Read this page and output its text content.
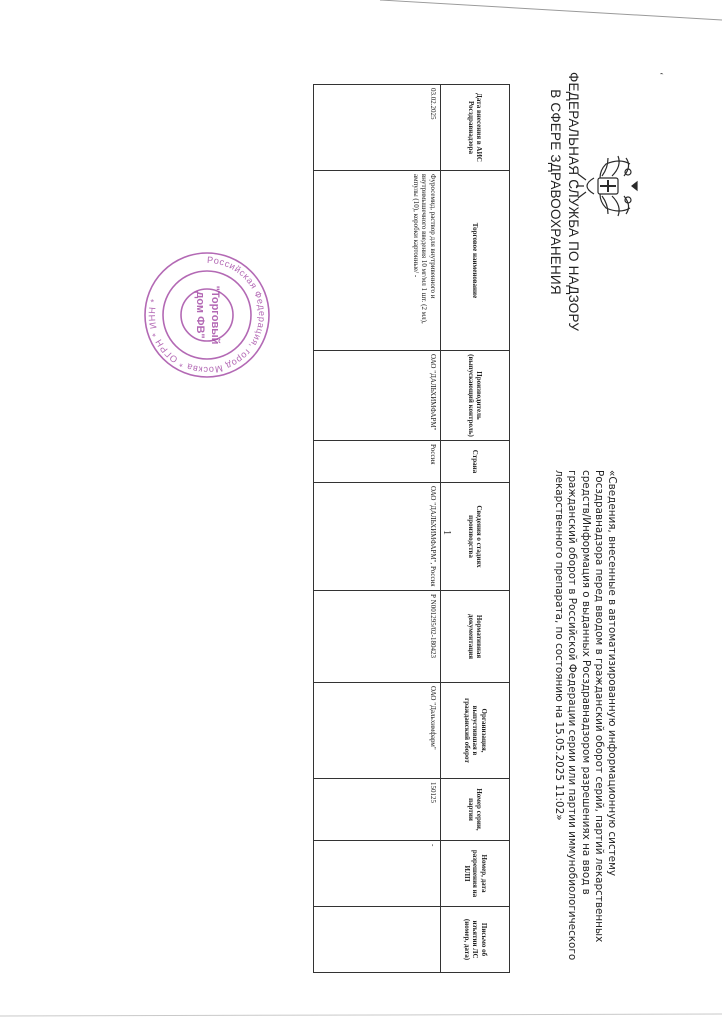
‘
ФЕДЕРАЛЬНАЯ СЛУЖБА ПО НАДЗОРУ
В СФЕРЕ ЗДРАВООХРАНЕНИЯ
«Сведения, внесенные в автоматизированную информационную систему Росздравнадзора перед вводом в гражданский оборот серий, партий лекарственных средств/Информация о выданных Росздравнадзором разрешениях на ввод в гражданский оборот в Российской Федерации серии или партии иммунобиологического лекарственного препарата, по состоянию на 15.05.2025 11:02»
Дата внесения в АИС Росздравнадзора	Торговое наименование	Производитель (выпускающий контроль)	Страна	Сведения о стадиях производства	Нормативная документация	Организация, выпустившая в гражданский оборот	Номер серии, партии	Номер, дата разрешения на ИЛП	Письмо об изъятии ЛС (номер, дата)
03.02.2025	Фуросемид, раствор для внутривенного и внутримышечного введения 10 мг/мл 1 шт. (2 мл), ампулы (10), коробки картонные/ -	ОАО "ДАЛЬХИМФАРМ"	Россия	ОАО "ДАЛЬХИМФАРМ", Россия	Р N001295/02-180423	ОАО "Дальхимфарм"	150125	-	
1
Российская Федерация, город Москва * ОГРН * ИНН *	"Торговый
дом ФВ"
